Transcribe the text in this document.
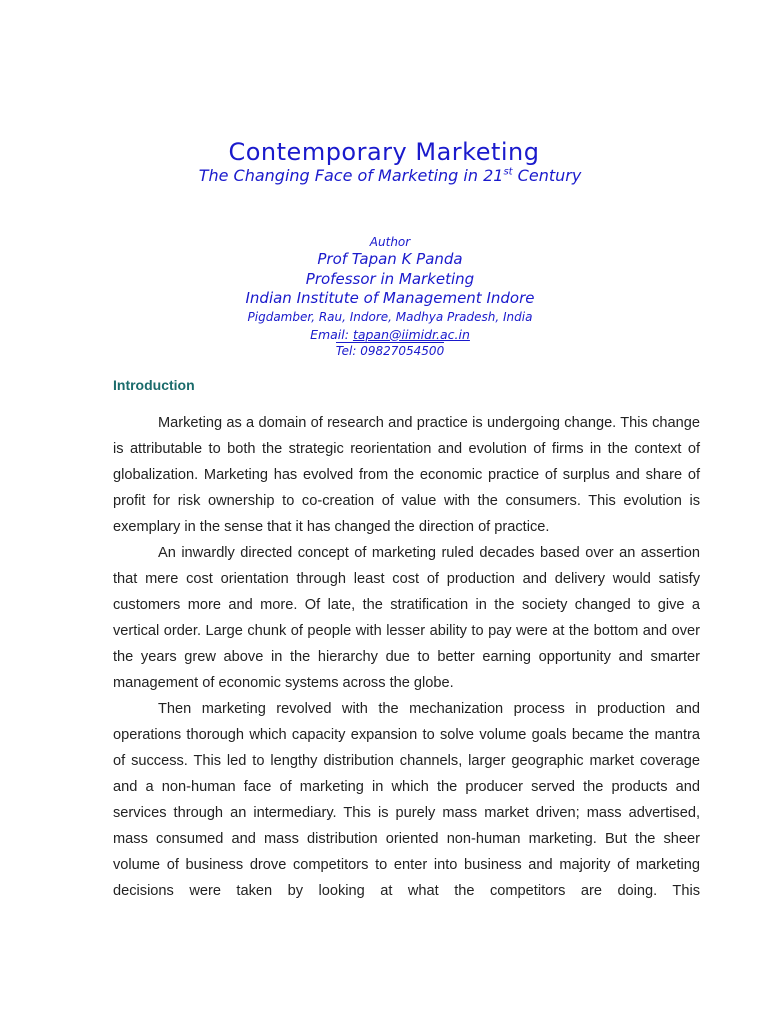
Contemporary Marketing
The Changing Face of Marketing in 21st Century
Author
Prof Tapan K Panda
Professor in Marketing
Indian Institute of Management Indore
Pigdamber, Rau, Indore, Madhya Pradesh, India
Email: tapan@iimidr.ac.in
Tel: 09827054500
Introduction

Marketing as a domain of research and practice is undergoing change. This change is attributable to both the strategic reorientation and evolution of firms in the context of globalization. Marketing has evolved from the economic practice of surplus and share of profit for risk ownership to co-creation of value with the consumers. This evolution is exemplary in the sense that it has changed the direction of practice.

An inwardly directed concept of marketing ruled decades based over an assertion that mere cost orientation through least cost of production and delivery would satisfy customers more and more. Of late, the stratification in the society changed to give a vertical order. Large chunk of people with lesser ability to pay were at the bottom and over the years grew above in the hierarchy due to better earning opportunity and smarter management of economic systems across the globe.

Then marketing revolved with the mechanization process in production and operations thorough which capacity expansion to solve volume goals became the mantra of success. This led to lengthy distribution channels, larger geographic market coverage and a non-human face of marketing in which the producer served the products and services through an intermediary. This is purely mass market driven; mass advertised, mass consumed and mass distribution oriented non-human marketing. But the sheer volume of business drove competitors to enter into business and majority of marketing decisions were taken by looking at what the competitors are doing. This
